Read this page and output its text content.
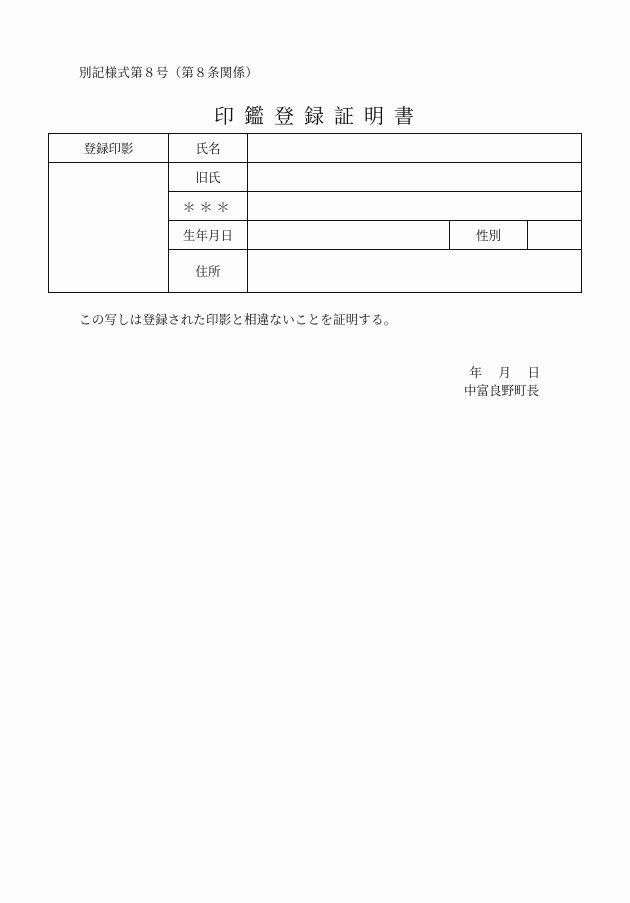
別記様式第８号（第８条関係）
印鑑登録証明書
登録印影	氏名			
	旧氏			
	＊＊＊			
	生年月日		性別	
	住所			
この写しは登録された印影と相違ないことを証明する。
年　 月　 日
中富良野町長
